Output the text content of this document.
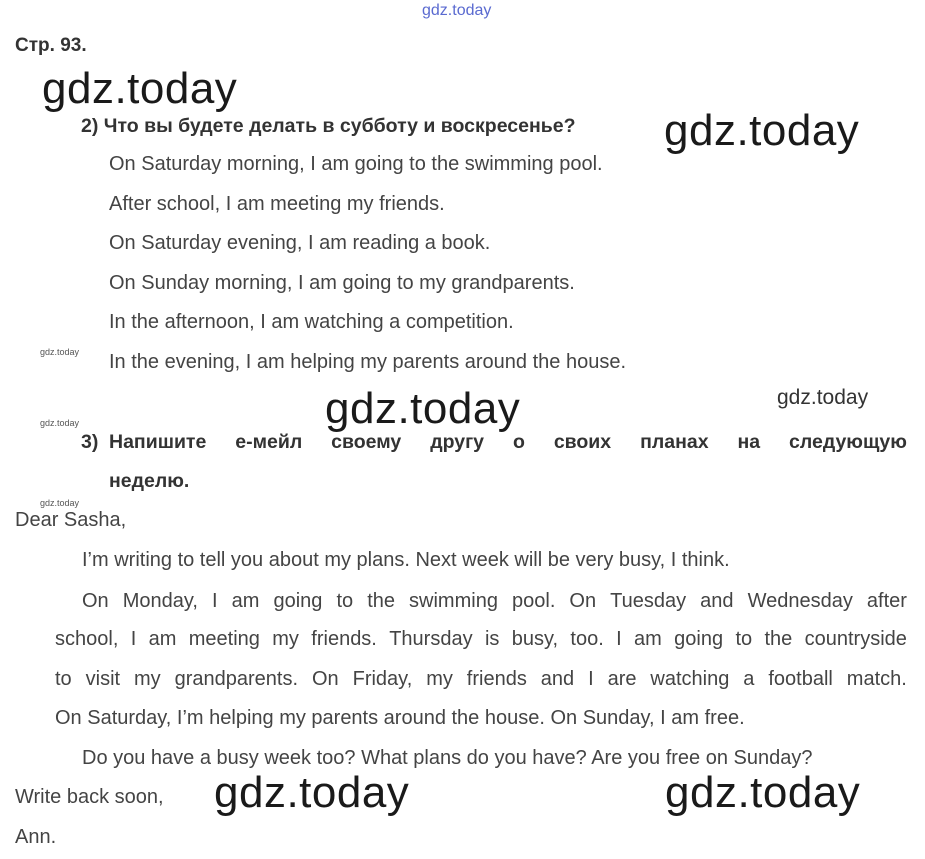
gdz.today
gdz.today
gdz.today
gdz.today	gdz.today
gdz.today
gdz.today
gdz.today
gdz.today	gdz.today
Стр. 93.
2) Что вы будете делать в субботу и воскресенье?
On Saturday morning, I am going to the swimming pool.
After school, I am meeting my friends.
On Saturday evening, I am reading a book.
On Sunday morning, I am going to my grandparents.
In the afternoon, I am watching a competition.
In the evening, I am helping my parents around the house.
3) Напишите е-мейл своему другу о своих планах на следующую
неделю.
Dear Sasha,
I’m writing to tell you about my plans. Next week will be very busy, I think.
On Monday, I am going to the swimming pool. On Tuesday and Wednesday after
school, I am meeting my friends. Thursday is busy, too. I am going to the countryside
to visit my grandparents. On Friday, my friends and I are watching a football match.
On Saturday, I’m helping my parents around the house. On Sunday, I am free.
Do you have a busy week too? What plans do you have? Are you free on Sunday?
Write back soon,
Ann.
